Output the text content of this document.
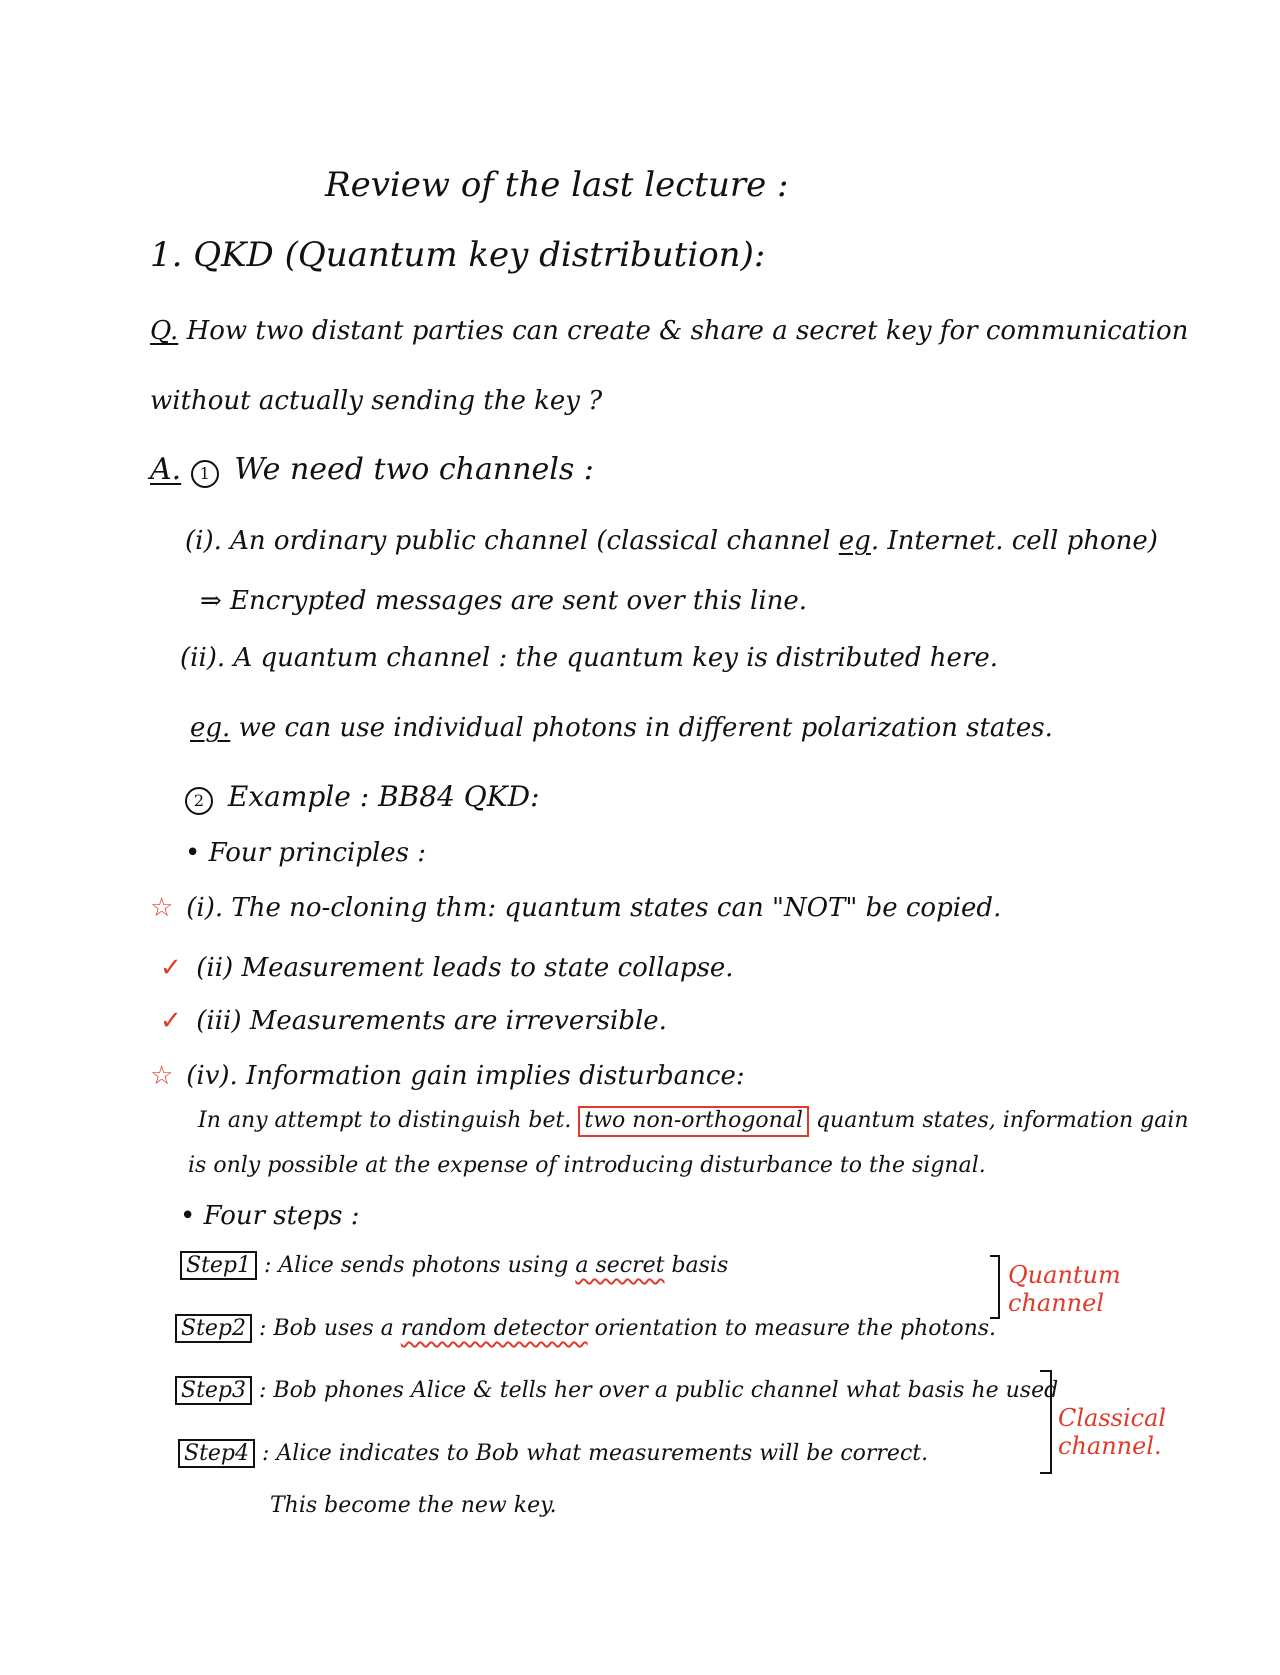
Review of the last lecture :
1. QKD (Quantum key distribution):
Q. How two distant parties can create & share a secret key for communication
without actually sending the key ?
A. 1 We need two channels :
(i). An ordinary public channel (classical channel eg. Internet. cell phone)
⇒ Encrypted messages are sent over this line.
(ii). A quantum channel : the quantum key is distributed here.
eg. we can use individual photons in different polarization states.
2 Example : BB84 QKD:
• Four principles :
☆ (i). The no-cloning thm: quantum states can "NOT" be copied.
✓ (ii) Measurement leads to state collapse.
✓ (iii) Measurements are irreversible.
☆ (iv). Information gain implies disturbance:
In any attempt to distinguish bet. two non-orthogonal quantum states, information gain
is only possible at the expense of introducing disturbance to the signal.
• Four steps :
Step1 : Alice sends photons using a secret basis
Step2 : Bob uses a random detector orientation to measure the photons.
Step3 : Bob phones Alice & tells her over a public channel what basis he used
Step4 : Alice indicates to Bob what measurements will be correct.
This become the new key.
Quantum channel
Classical channel.
